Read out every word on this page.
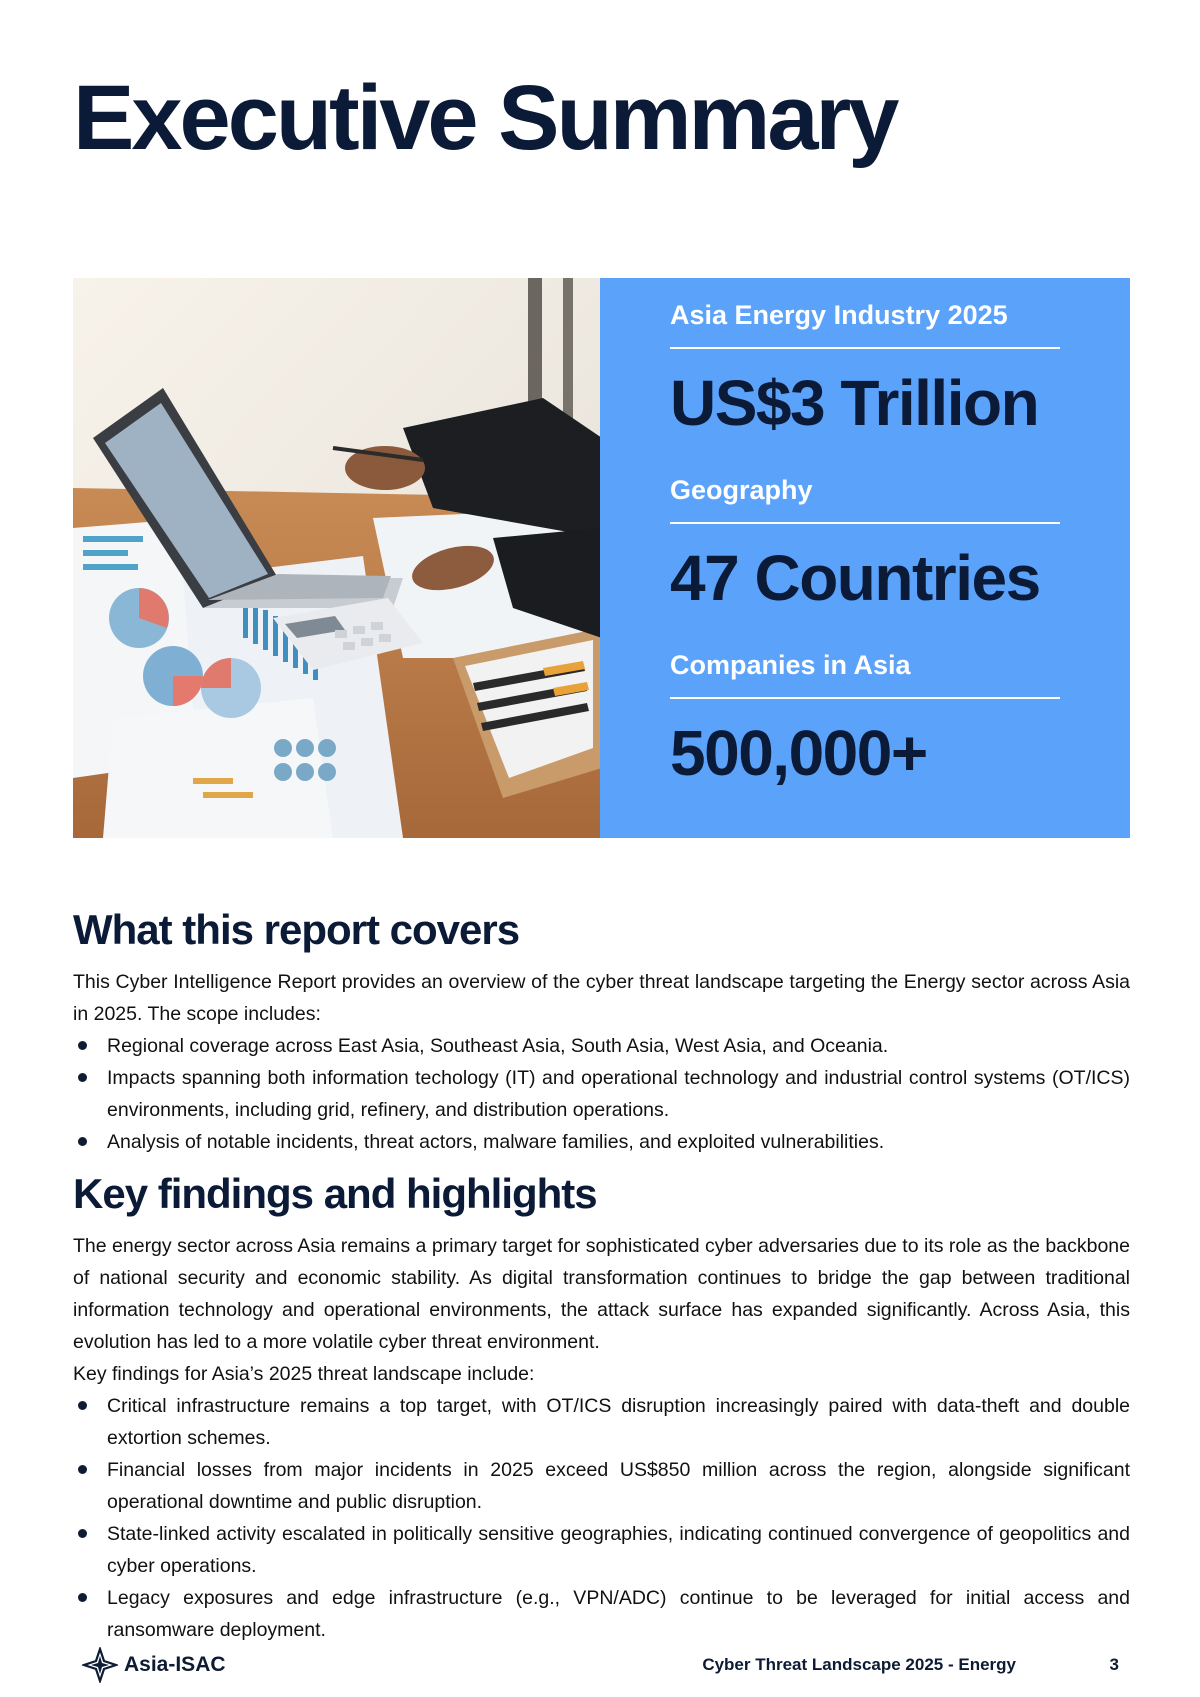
Executive Summary
Asia Energy Industry 2025
US$3 Trillion
Geography
47 Countries
Companies in Asia
500,000+
What this report covers

This Cyber Intelligence Report provides an overview of the cyber threat landscape targeting the Energy sector across Asia in 2025. The scope includes:

Regional coverage across East Asia, Southeast Asia, South Asia, West Asia, and Oceania.
Impacts spanning both information techology (IT) and operational technology and industrial control systems (OT/ICS) environments, including grid, refinery, and distribution operations.
Analysis of notable incidents, threat actors, malware families, and exploited vulnerabilities.
Key findings and highlights

The energy sector across Asia remains a primary target for sophisticated cyber adversaries due to its role as the backbone of national security and economic stability. As digital transformation continues to bridge the gap between traditional information technology and operational environments, the attack surface has expanded significantly. Across Asia, this evolution has led to a more volatile cyber threat environment.

Key findings for Asia’s 2025 threat landscape include:

Critical infrastructure remains a top target, with OT/ICS disruption increasingly paired with data-theft and double extortion schemes.
Financial losses from major incidents in 2025 exceed US$850 million across the region, alongside significant operational downtime and public disruption.
State-linked activity escalated in politically sensitive geographies, indicating continued convergence of geopolitics and cyber operations.
Legacy exposures and edge infrastructure (e.g., VPN/ADC) continue to be leveraged for initial access and ransomware deployment.
Asia-ISAC	Cyber Threat Landscape 2025 - Energy	3
